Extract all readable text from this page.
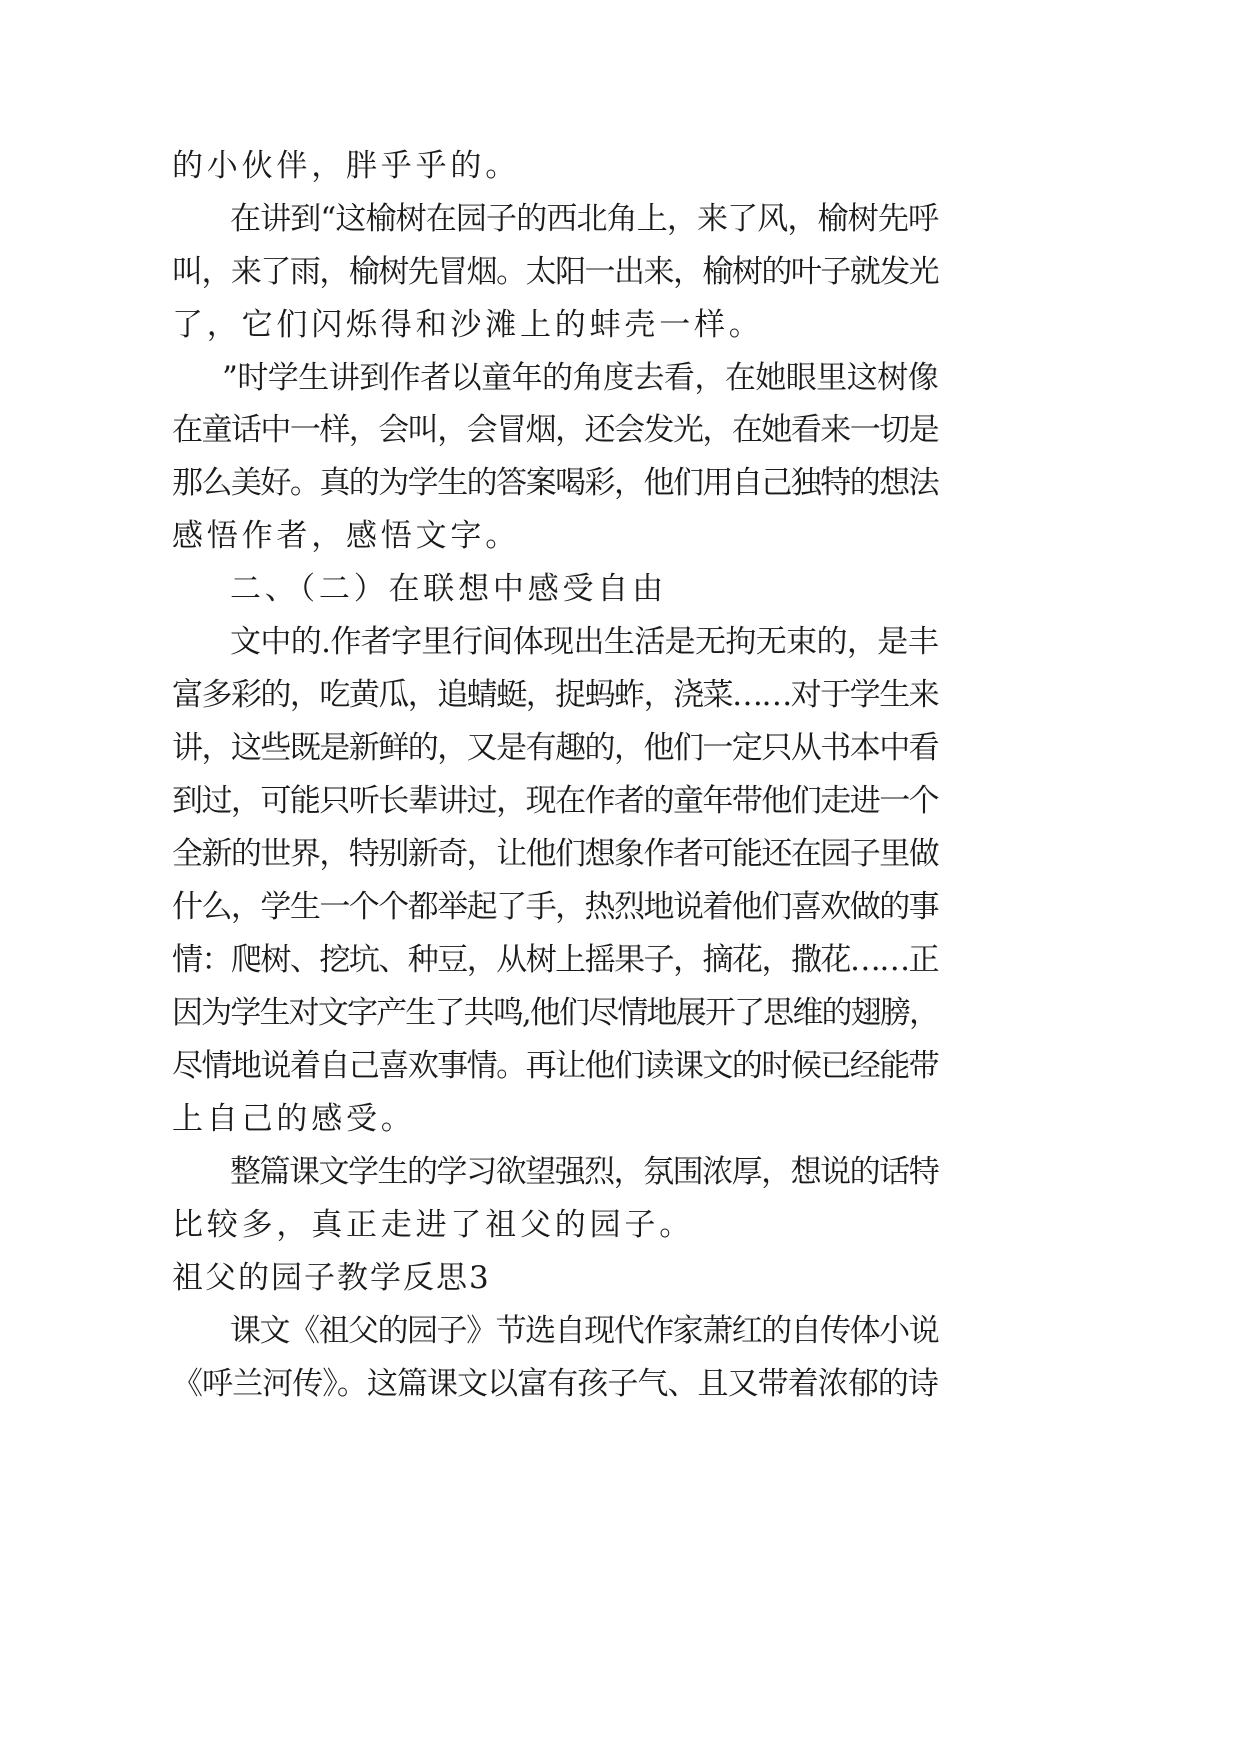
的小伙伴，胖乎乎的。
在讲到“这榆树在园子的西北角上，来了风，榆树先呼
叫，来了雨，榆树先冒烟。太阳一出来，榆树的叶子就发光
了，它们闪烁得和沙滩上的蚌壳一样。
”时学生讲到作者以童年的角度去看，在她眼里这树像
在童话中一样，会叫，会冒烟，还会发光，在她看来一切是
那么美好。真的为学生的答案喝彩，他们用自己独特的想法
感悟作者，感悟文字。
二、（二）在联想中感受自由
文中的.作者字里行间体现出生活是无拘无束的，是丰
富多彩的，吃黄瓜，追蜻蜓，捉蚂蚱，浇菜……对于学生来
讲，这些既是新鲜的，又是有趣的，他们一定只从书本中看
到过，可能只听长辈讲过，现在作者的童年带他们走进一个
全新的世界，特别新奇，让他们想象作者可能还在园子里做
什么，学生一个个都举起了手，热烈地说着他们喜欢做的事
情：爬树、挖坑、种豆，从树上摇果子，摘花，撒花……正
因为学生对文字产生了共鸣,他们尽情地展开了思维的翅膀，
尽情地说着自己喜欢事情。再让他们读课文的时候已经能带
上自己的感受。
整篇课文学生的学习欲望强烈，氛围浓厚，想说的话特
比较多，真正走进了祖父的园子。
祖父的园子教学反思3
课文《祖父的园子》节选自现代作家萧红的自传体小说
《呼兰河传》。这篇课文以富有孩子气、且又带着浓郁的诗
